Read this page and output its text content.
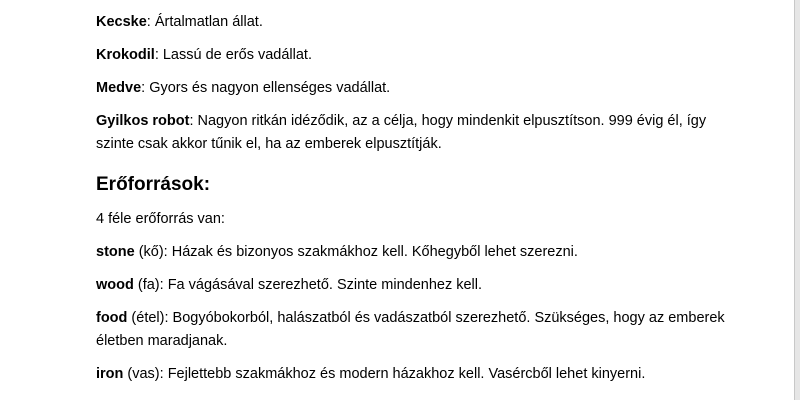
Kecske: Ártalmatlan állat.

Krokodil: Lassú de erős vadállat.

Medve: Gyors és nagyon ellenséges vadállat.

Gyilkos robot: Nagyon ritkán idéződik, az a célja, hogy mindenkit elpusztítson. 999 évig él, így szinte csak akkor tűnik el, ha az emberek elpusztítják.

Erőforrások:

4 féle erőforrás van:

stone (kő): Házak és bizonyos szakmákhoz kell. Kőhegyből lehet szerezni.

wood (fa): Fa vágásával szerezhető. Szinte mindenhez kell.

food (étel): Bogyóbokorból, halászatból és vadászatból szerezhető. Szükséges, hogy az emberek életben maradjanak.

iron (vas): Fejlettebb szakmákhoz és modern házakhoz kell. Vasércből lehet kinyerni.
